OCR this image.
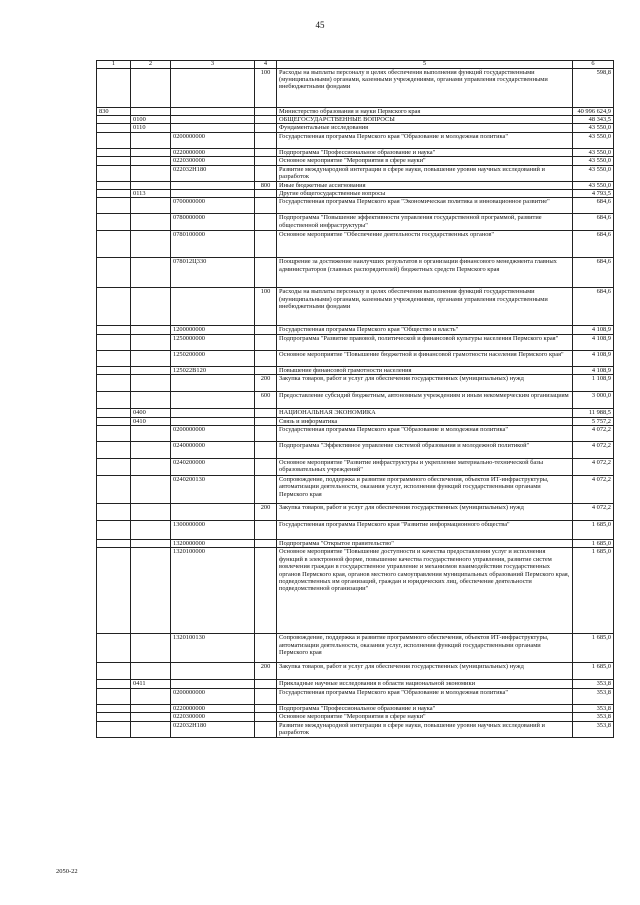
45
1	2	3	4	5	6
			100	Расходы на выплаты персоналу в целях обеспечения выполнения функций государственными (муниципальными) органами, казенными учреждениями, органами управления государственными внебюджетными фондами	598,8
830				Министерство образования и науки Пермского края	40 996 624,9
	0100			ОБЩЕГОСУДАРСТВЕННЫЕ ВОПРОСЫ	48 343,5
	0110			Фундаментальные исследования	43 550,0
		0200000000		Государственная программа Пермского края "Образование и молодежная политика"	43 550,0
		0220000000		Подпрограмма "Профессиональное образование и наука"	43 550,0
		0220300000		Основное мероприятие "Мероприятия в сфере науки"	43 550,0
		022032Н180		Развитие международной интеграции в сфере науки, повышение уровня научных исследований и разработок	43 550,0
			800	Иные бюджетные ассигнования	43 550,0
	0113			Другие общегосударственные вопросы	4 793,5
		0700000000		Государственная программа Пермского края "Экономическая политика и инновационное развитие"	684,6
		0780000000		Подпрограмма "Повышение эффективности управления государственной программой, развитие общественной инфраструктуры"	684,6
		0780100000		Основное мероприятие "Обеспечение деятельности государственных органов"	684,6
		078012Ц330		Поощрение за достижение наилучших результатов в организации финансового менеджмента главных администраторов (главных распорядителей) бюджетных средств Пермского края	684,6
			100	Расходы на выплаты персоналу в целях обеспечения выполнения функций государственными (муниципальными) органами, казенными учреждениями, органами управления государственными внебюджетными фондами	684,6
		1200000000		Государственная программа Пермского края "Общество и власть"	4 108,9
		1250000000		Подпрограмма "Развитие правовой, политической и финансовой культуры населения Пермского края"	4 108,9
		1250200000		Основное мероприятие "Повышение бюджетной и финансовой грамотности населения Пермского края"	4 108,9
		125022В120		Повышение финансовой грамотности населения	4 108,9
			200	Закупка товаров, работ и услуг для обеспечения государственных (муниципальных) нужд	1 108,9
			600	Предоставление субсидий бюджетным, автономным учреждениям и иным некоммерческим организациям	3 000,0
	0400			НАЦИОНАЛЬНАЯ ЭКОНОМИКА	11 988,5
	0410			Связь и информатика	5 757,2
		0200000000		Государственная программа Пермского края "Образование и молодежная политика"	4 072,2
		0240000000		Подпрограмма "Эффективное управление системой образования и молодежной политикой"	4 072,2
		0240200000		Основное мероприятие "Развитие инфраструктуры и укрепление материально-технической базы образовательных учреждений"	4 072,2
		0240200130		Сопровождение, поддержка и развитие программного обеспечения, объектов ИТ-инфраструктуры, автоматизации деятельности, оказания услуг, исполнения функций государственными органами Пермского края	4 072,2
			200	Закупка товаров, работ и услуг для обеспечения государственных (муниципальных) нужд	4 072,2
		1300000000		Государственная программа Пермского края "Развитие информационного общества"	1 685,0
		1320000000		Подпрограмма "Открытое правительство"	1 685,0
		1320100000		Основное мероприятие "Повышение доступности и качества предоставления услуг и исполнения функций в электронной форме, повышение качества государственного управления, развитие систем вовлечения граждан в государственное управление и механизмов взаимодействия государственных органов Пермского края, органов местного самоуправления муниципальных образований Пермского края, подведомственных им организаций, граждан и юридических лиц, обеспечение деятельности подведомственной организации"	1 685,0
		1320100130		Сопровождение, поддержка и развитие программного обеспечения, объектов ИТ-инфраструктуры, автоматизации деятельности, оказания услуг, исполнения функций государственными органами Пермского края	1 685,0
			200	Закупка товаров, работ и услуг для обеспечения государственных (муниципальных) нужд	1 685,0
	0411			Прикладные научные исследования в области национальной экономики	353,8
		0200000000		Государственная программа Пермского края "Образование и молодежная политика"	353,8
		0220000000		Подпрограмма "Профессиональное образование и наука"	353,8
		0220300000		Основное мероприятие "Мероприятия в сфере науки"	353,8
		022032Н180		Развитие международной интеграции в сфере науки, повышение уровня научных исследований и разработок	353,8
2050-22
